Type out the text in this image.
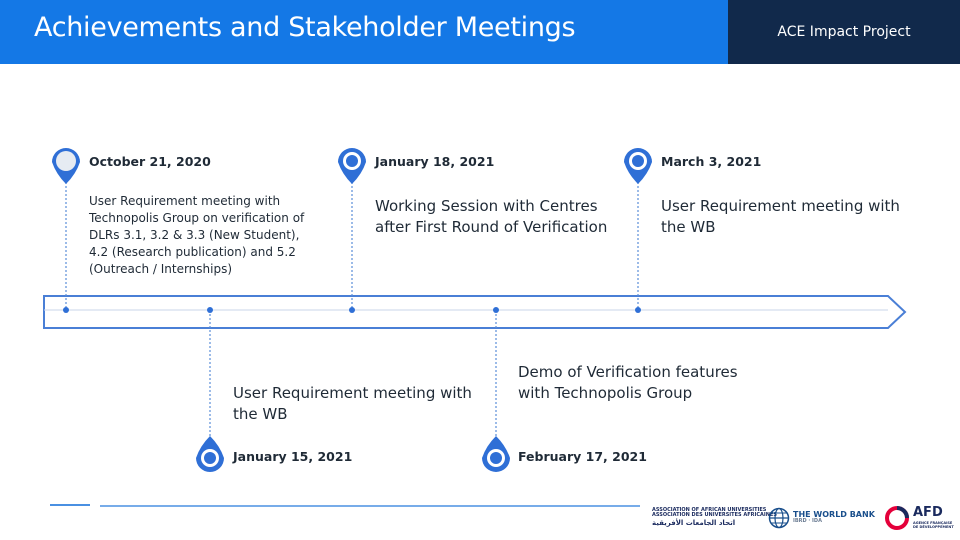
Achievements and Stakeholder Meetings	ACE Impact Project
October 21, 2020
User Requirement meeting with Technopolis Group on verification of DLRs 3.1, 3.2 & 3.3 (New Student), 4.2 (Research publication) and 5.2 (Outreach / Internships)
January 18, 2021
Working Session with Centres after First Round of Verification
March 3, 2021
User Requirement meeting with the WB
User Requirement meeting with the WB
January 15, 2021
Demo of Verification features with Technopolis Group
February 17, 2021
ASSOCIATION OF AFRICAN UNIVERSITIES
ASSOCIATION DES UNIVERSITES AFRICAINES
اتحاد الجامعات الأفريقية
THE WORLD BANK
IBRD · IDA
AFD
AGENCE FRANÇAISE DE DÉVELOPPEMENT
